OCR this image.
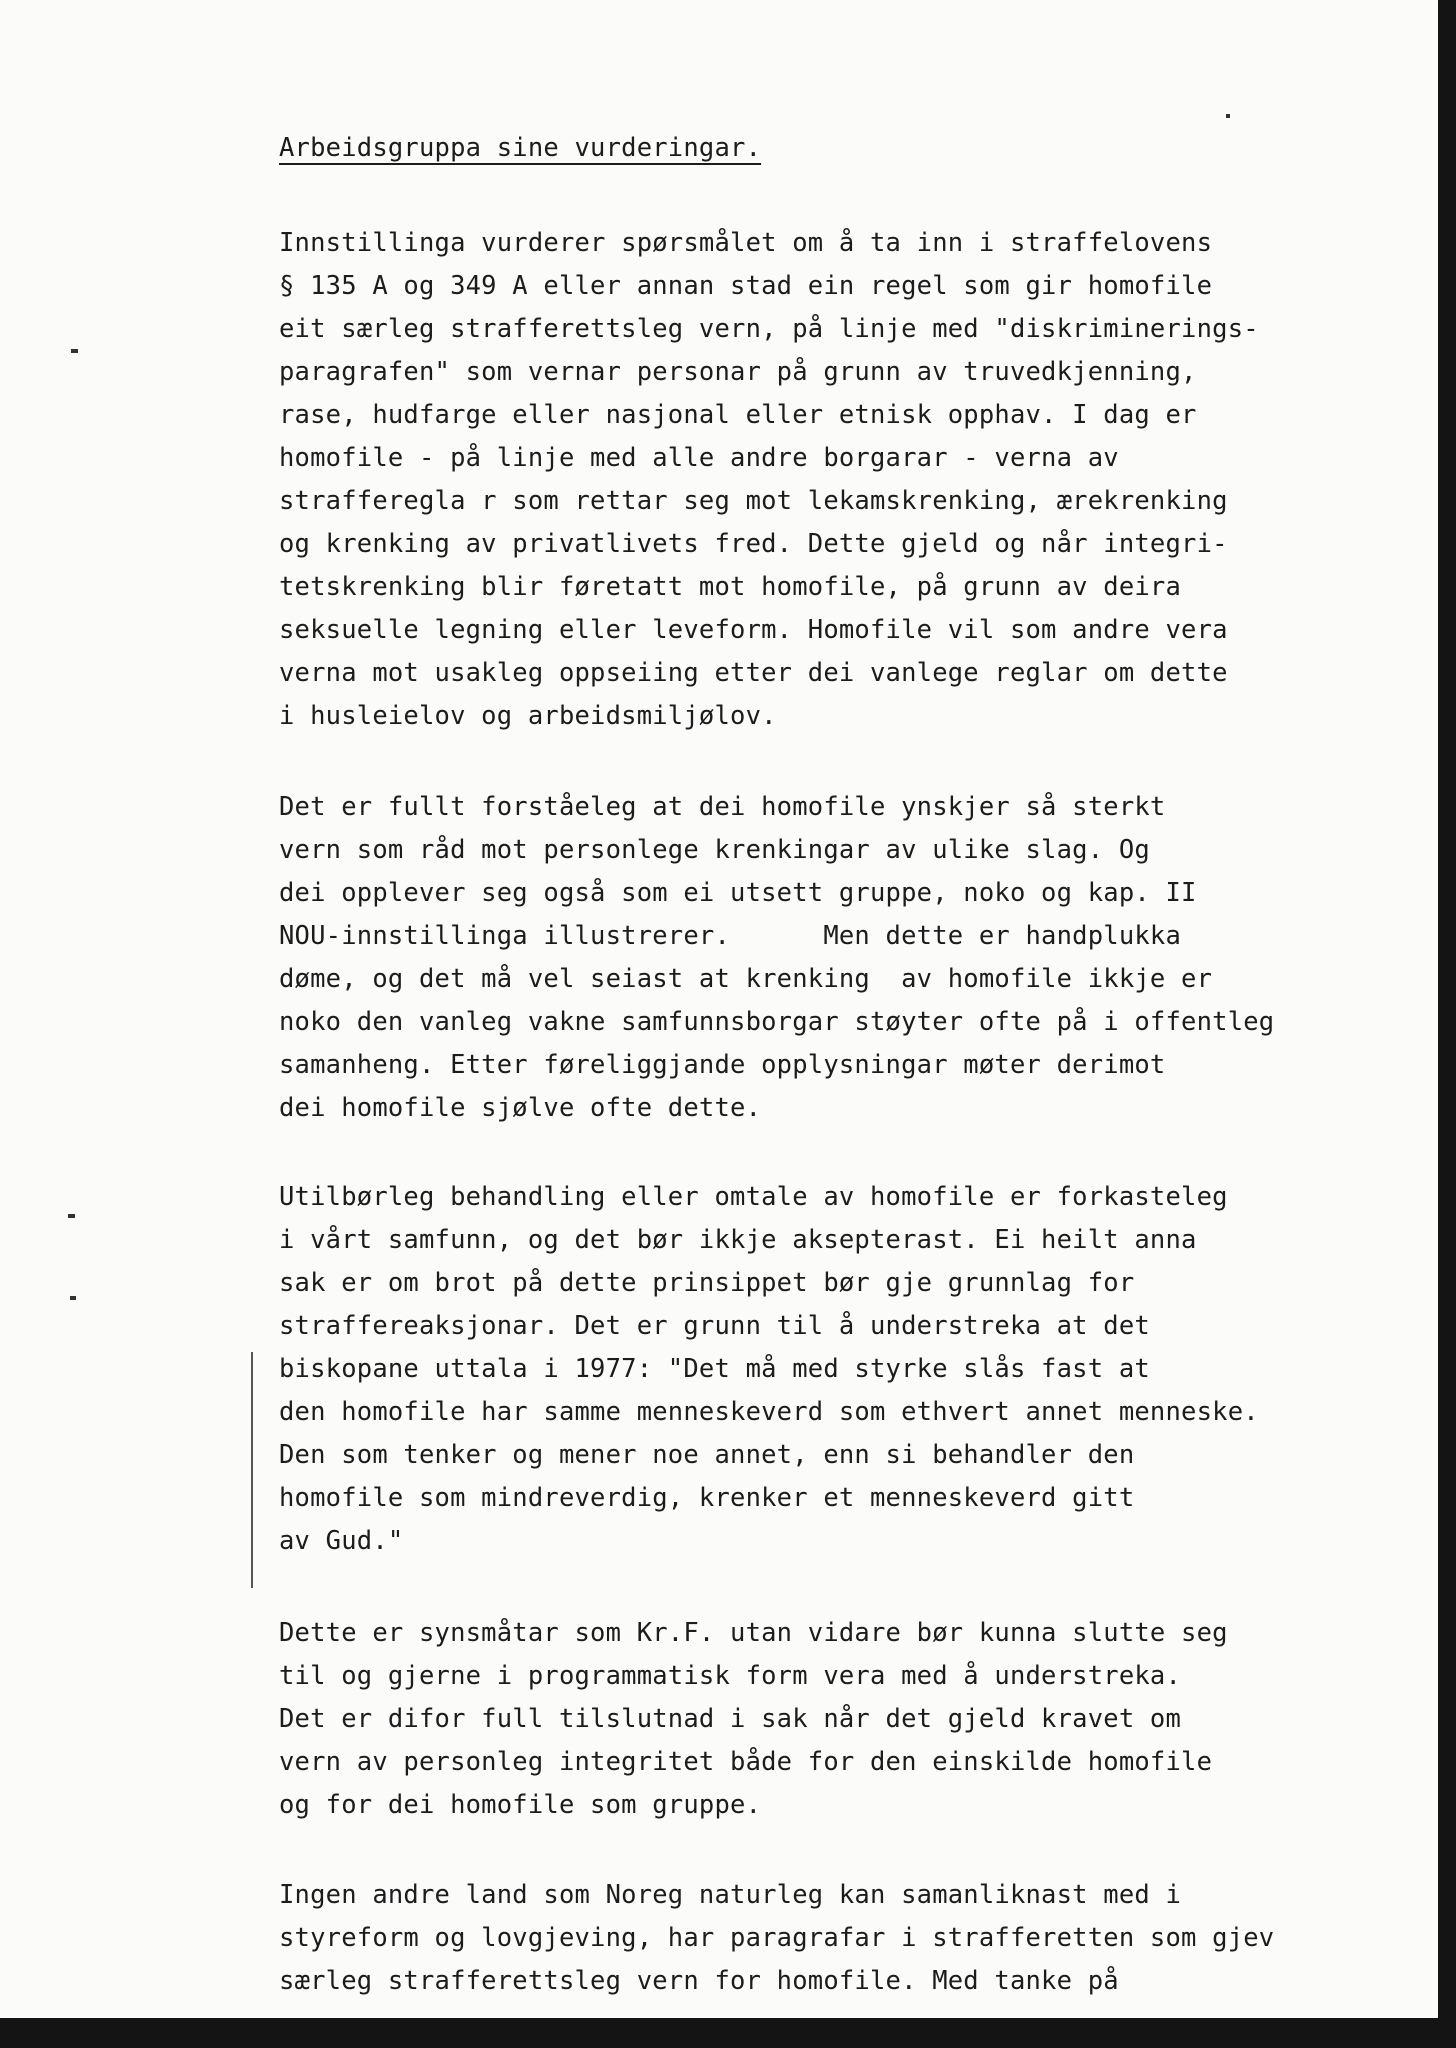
Arbeidsgruppa sine vurderingar.
Innstillinga vurderer spørsmålet om å ta inn i straffelovens
§ 135 A og 349 A eller annan stad ein regel som gir homofile
eit særleg strafferettsleg vern, på linje med "diskriminerings-
paragrafen" som vernar personar på grunn av truvedkjenning,
rase, hudfarge eller nasjonal eller etnisk opphav. I dag er
homofile - på linje med alle andre borgarar - verna av
strafferegla r som rettar seg mot lekamskrenking, ærekrenking
og krenking av privatlivets fred. Dette gjeld og når integri-
tetskrenking blir føretatt mot homofile, på grunn av deira
seksuelle legning eller leveform. Homofile vil som andre vera
verna mot usakleg oppseiing etter dei vanlege reglar om dette
i husleielov og arbeidsmiljølov.
Det er fullt forståeleg at dei homofile ynskjer så sterkt
vern som råd mot personlege krenkingar av ulike slag. Og
dei opplever seg også som ei utsett gruppe, noko og kap. II
NOU-innstillinga illustrerer.      Men dette er handplukka
døme, og det må vel seiast at krenking  av homofile ikkje er
noko den vanleg vakne samfunnsborgar støyter ofte på i offentleg
samanheng. Etter føreliggjande opplysningar møter derimot
dei homofile sjølve ofte dette.
Utilbørleg behandling eller omtale av homofile er forkasteleg
i vårt samfunn, og det bør ikkje aksepterast. Ei heilt anna
sak er om brot på dette prinsippet bør gje grunnlag for
straffereaksjonar. Det er grunn til å understreka at det
biskopane uttala i 1977: "Det må med styrke slås fast at
den homofile har samme menneskeverd som ethvert annet menneske.
Den som tenker og mener noe annet, enn si behandler den
homofile som mindreverdig, krenker et menneskeverd gitt
av Gud."
Dette er synsmåtar som Kr.F. utan vidare bør kunna slutte seg
til og gjerne i programmatisk form vera med å understreka.
Det er difor full tilslutnad i sak når det gjeld kravet om
vern av personleg integritet både for den einskilde homofile
og for dei homofile som gruppe.
Ingen andre land som Noreg naturleg kan samanliknast med i
styreform og lovgjeving, har paragrafar i strafferetten som gjev
særleg strafferettsleg vern for homofile. Med tanke på
